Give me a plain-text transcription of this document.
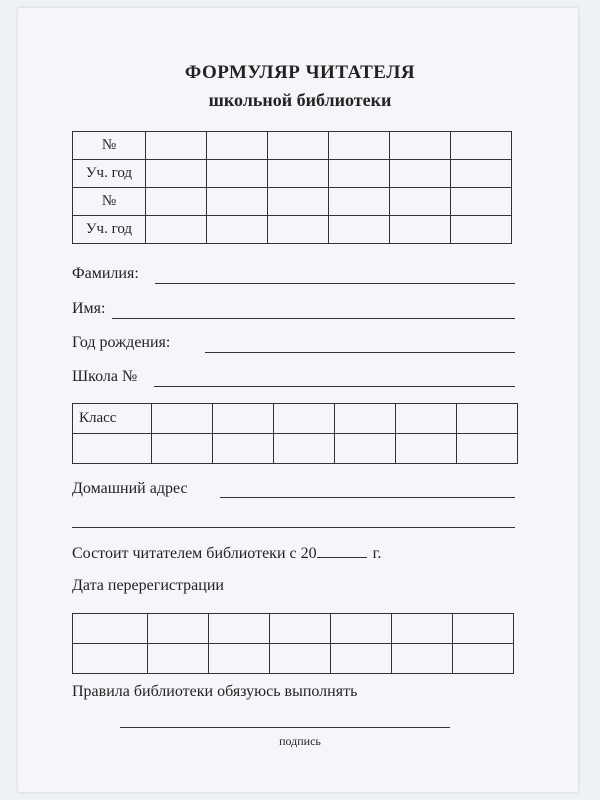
ФОРМУЛЯР ЧИТАТЕЛЯ
школьной библиотеки
№						
Уч. год						
№						
Уч. год						
Фамилия:
Имя:
Год рождения:
Школа №
Класс						

Домашний адрес
Состоит читателем библиотеки с 20	г.
Дата перерегистрации

Правила библиотеки обязуюсь выполнять
подпись
